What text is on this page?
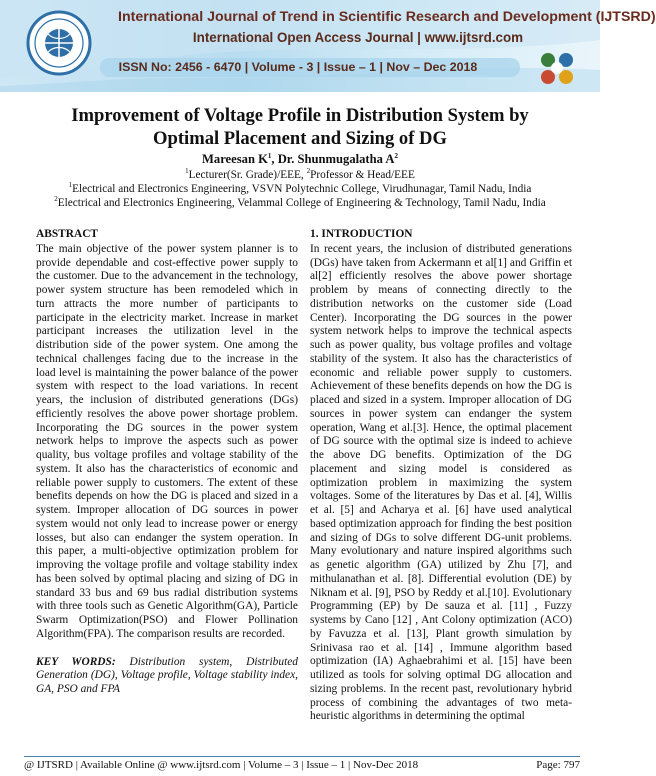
International Journal of Trend in Scientific Research and Development (IJTSRD)
International Open Access Journal | www.ijtsrd.com
ISSN No: 2456 - 6470 | Volume - 3 | Issue – 1 | Nov – Dec 2018
Improvement of Voltage Profile in Distribution System by
Optimal Placement and Sizing of DG
Mareesan $K^1$, Dr. Shunmugalatha $A^2$
$^1$Lecturer(Sr. Grade)/EEE, $^2$Professor & Head/EEE
$^1$Electrical and Electronics Engineering, VSVN Polytechnic College, Virudhunagar, Tamil Nadu, India
$^2$Electrical and Electronics Engineering, Velammal College of Engineering & Technology, Tamil Nadu, India
ABSTRACT

The main objective of the power system planner is to provide dependable and cost-effective power supply to the customer. Due to the advancement in the technology, power system structure has been remodeled which in turn attracts the more number of participants to participate in the electricity market. Increase in market participant increases the utilization level in the distribution side of the power system. One among the technical challenges facing due to the increase in the load level is maintaining the power balance of the power system with respect to the load variations. In recent years, the inclusion of distributed generations (DGs) efficiently resolves the above power shortage problem. Incorporating the DG sources in the power system network helps to improve the aspects such as power quality, bus voltage profiles and voltage stability of the system. It also has the characteristics of economic and reliable power supply to customers. The extent of these benefits depends on how the DG is placed and sized in a system. Improper allocation of DG sources in power system would not only lead to increase power or energy losses, but also can endanger the system operation. In this paper, a multi-objective optimization problem for improving the voltage profile and voltage stability index has been solved by optimal placing and sizing of DG in standard 33 bus and 69 bus radial distribution systems with three tools such as Genetic Algorithm(GA), Particle Swarm Optimization(PSO) and Flower Pollination Algorithm(FPA). The comparison results are recorded.

KEY WORDS: Distribution system, Distributed Generation (DG), Voltage profile, Voltage stability index, GA, PSO and FPA

1. INTRODUCTION

In recent years, the inclusion of distributed generations (DGs) have taken from Ackermann et al[1] and Griffin et al[2] efficiently resolves the above power shortage problem by means of connecting directly to the distribution networks on the customer side (Load Center). Incorporating the DG sources in the power system network helps to improve the technical aspects such as power quality, bus voltage profiles and voltage stability of the system. It also has the characteristics of economic and reliable power supply to customers. Achievement of these benefits depends on how the DG is placed and sized in a system. Improper allocation of DG sources in power system can endanger the system operation, Wang et al.[3]. Hence, the optimal placement of DG source with the optimal size is indeed to achieve the above DG benefits. Optimization of the DG placement and sizing model is considered as optimization problem in maximizing the system voltages. Some of the literatures by Das et al. [4], Willis et al. [5] and Acharya et al. [6] have used analytical based optimization approach for finding the best position and sizing of DGs to solve different DG-unit problems. Many evolutionary and nature inspired algorithms such as genetic algorithm (GA) utilized by Zhu [7], and mithulanathan et al. [8]. Differential evolution (DE) by Niknam et al. [9], PSO by Reddy et al.[10]. Evolutionary Programming (EP) by De sauza et al. [11] , Fuzzy systems by Cano [12] , Ant Colony optimization (ACO) by Favuzza et al. [13], Plant growth simulation by Srinivasa rao et al. [14] , Immune algorithm based optimization (IA) Aghaebrahimi et al. [15] have been utilized as tools for solving optimal DG allocation and sizing problems. In the recent past, revolutionary hybrid process of combining the advantages of two meta-heuristic algorithms in determining the optimal

@ IJTSRD | Available Online @ www.ijtsrd.com | Volume – 3 | Issue – 1 | Nov-Dec 2018	Page: 797
